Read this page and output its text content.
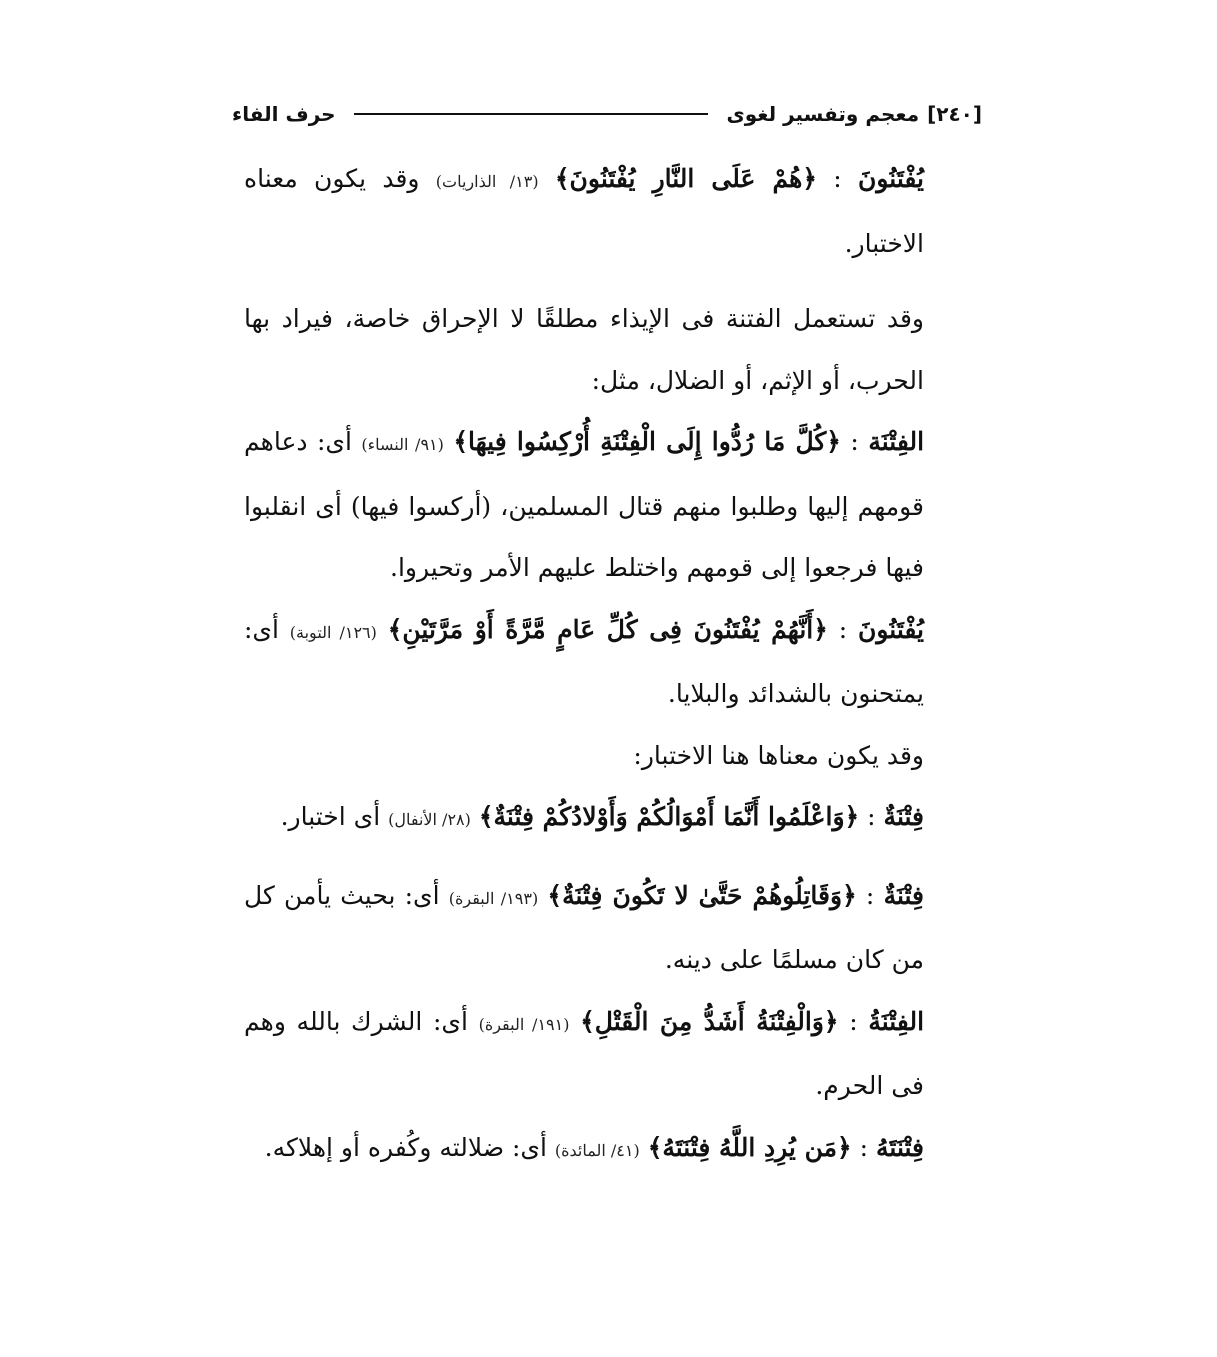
[٢٤٠]
معجم وتفسير لغوى
حرف الفاء

يُفْتَنُونَ : ﴿هُمْ عَلَى النَّارِ يُفْتَنُونَ﴾ (١٣/ الذاريات) وقد يكون معناه الاختبار.

وقد تستعمل الفتنة فى الإيذاء مطلقًا لا الإحراق خاصة، فيراد بها الحرب، أو الإثم، أو الضلال، مثل:

الفِتْنَة : ﴿كُلَّ مَا رُدُّوا إِلَى الْفِتْنَةِ أُرْكِسُوا فِيهَا﴾ (٩١/ النساء) أى: دعاهم قومهم إليها وطلبوا منهم قتال المسلمين، (أركسوا فيها) أى انقلبوا فيها فرجعوا إلى قومهم واختلط عليهم الأمر وتحيروا.

يُفْتَنُونَ : ﴿أَنَّهُمْ يُفْتَنُونَ فِى كُلِّ عَامٍ مَّرَّةً أَوْ مَرَّتَيْنِ﴾ (١٢٦/ التوبة) أى: يمتحنون بالشدائد والبلايا.

وقد يكون معناها هنا الاختبار:

فِتْنَةٌ : ﴿وَاعْلَمُوا أَنَّمَا أَمْوَالُكُمْ وَأَوْلادُكُمْ فِتْنَةٌ﴾ (٢٨/ الأنفال) أى اختبار.

فِتْنَةٌ : ﴿وَقَاتِلُوهُمْ حَتَّىٰ لا تَكُونَ فِتْنَةٌ﴾ (١٩٣/ البقرة) أى: بحيث يأمن كل من كان مسلمًا على دينه.

الفِتْنَةُ : ﴿وَالْفِتْنَةُ أَشَدُّ مِنَ الْقَتْلِ﴾ (١٩١/ البقرة) أى: الشرك بالله وهم فى الحرم.

فِتْنَتَهُ : ﴿مَن يُرِدِ اللَّهُ فِتْنَتَهُ﴾ (٤١/ المائدة) أى: ضلالته وكُفره أو إهلاكه.
